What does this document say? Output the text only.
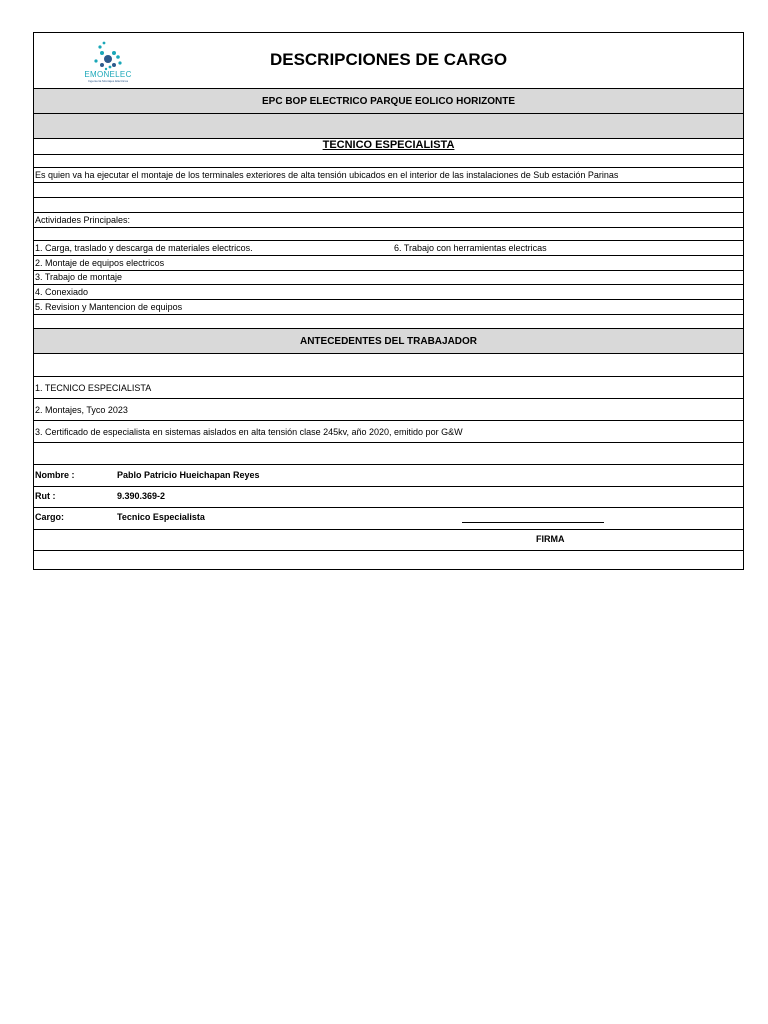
EMONELEC
Ingeniería Montajes Eléctricos
DESCRIPCIONES DE CARGO
EPC BOP ELECTRICO PARQUE EOLICO HORIZONTE
TECNICO ESPECIALISTA
Es quien va ha ejecutar el montaje de los terminales exteriores de alta tensión ubicados en el interior de las instalaciones de Sub estación Parinas
Actividades Principales:
1. Carga, traslado y descarga de materiales electricos.	6. Trabajo con herramientas electricas
2. Montaje de equipos electricos
3. Trabajo de montaje
4. Conexiado
5. Revision y Mantencion de equipos
ANTECEDENTES DEL TRABAJADOR
1. TECNICO ESPECIALISTA
2. Montajes, Tyco 2023
3. Certificado de especialista en sistemas aislados en alta tensión clase 245kv, año 2020, emitido por G&W
Nombre :	Pablo Patricio Hueichapan Reyes
Rut :	9.390.369-2
Cargo:	Tecnico Especialista
FIRMA
